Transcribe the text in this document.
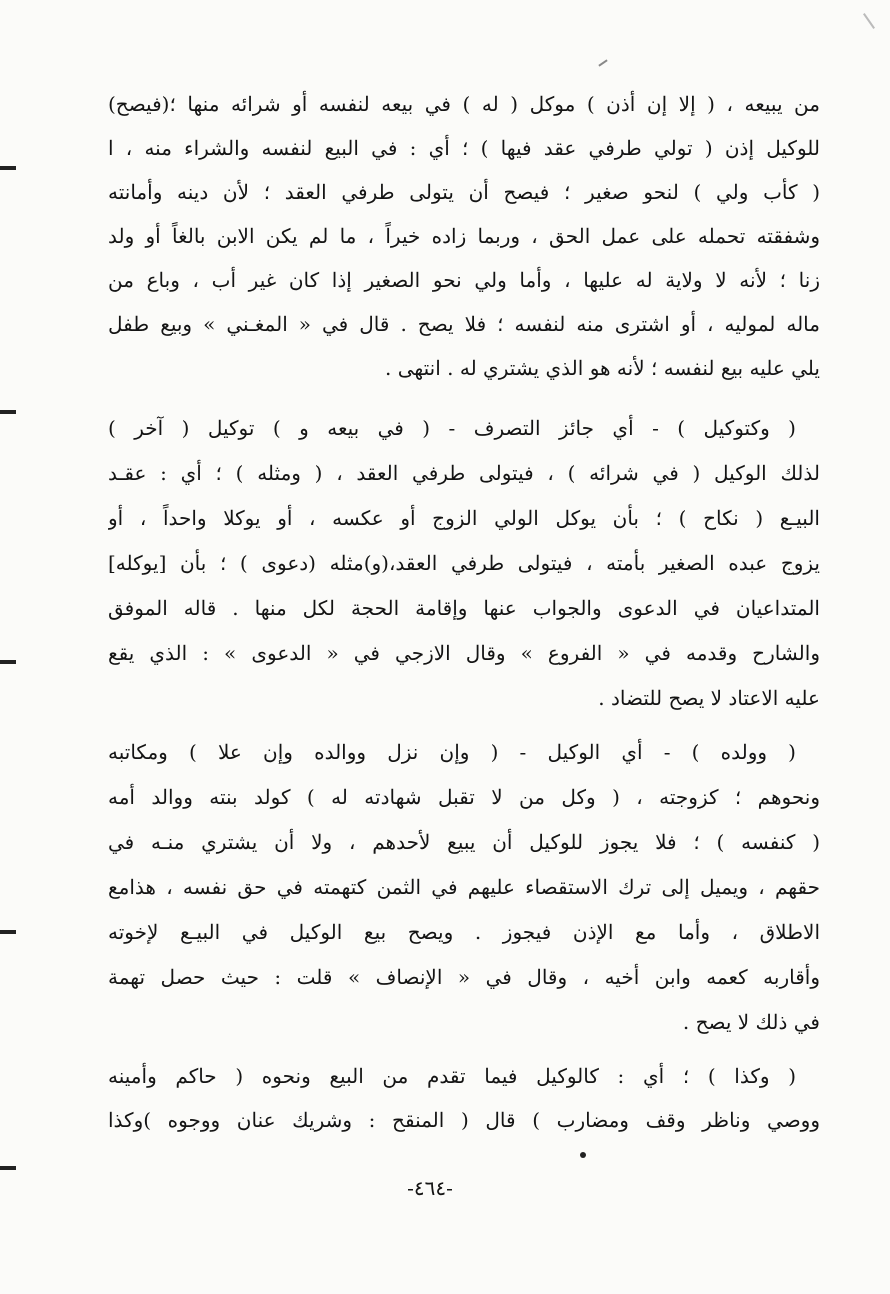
من يبيعه ، ( إلا إن أذن ) موكل ( له ) في بيعه لنفسه أو شرائه منها ؛(فيصح)
للوكيل إذن ( تولي طرفي عقد فيها ) ؛ أي : في البيع لنفسه والشراء منه ، ا
( كأب ولي ) لنحو صغير ؛ فيصح أن يتولى طرفي العقد ؛ لأن دينه وأمانته
وشفقته تحمله على عمل الحق ، وربما زاده خيراً ، ما لم يكن الابن بالغاً أو ولد
زنا ؛ لأنه لا ولاية له عليها ، وأما ولي نحو الصغير إذا كان غير أب ، وباع من
ماله لموليه ، أو اشترى منه لنفسه ؛ فلا يصح . قال في « المغـني » وبيع طفل
يلي عليه بيع لنفسه ؛ لأنه هو الذي يشتري له . انتهى .
( وكتوكيل ) - أي جائز التصرف - ( في بيعه و ) توكيل ( آخر )
لذلك الوكيل ( في شرائه ) ، فيتولى طرفي العقد ، ( ومثله ) ؛ أي : عقـد
البيـع ( نكاح ) ؛ بأن يوكل الولي الزوج أو عكسه ، أو يوكلا واحداً ، أو
يزوج عبده الصغير بأمته ، فيتولى طرفي العقد،(و)مثله (دعوى ) ؛ بأن [يوكله]
المتداعيان في الدعوى والجواب عنها وإقامة الحجة لكل منها . قاله الموفق
والشارح وقدمه في « الفروع » وقال الازجي في « الدعوى » : الذي يقع
عليه الاعتاد لا يصح للتضاد .
( وولده ) - أي الوكيل - ( وإن نزل ووالده وإن علا ) ومكاتبه
ونحوهم ؛ كزوجته ، ( وكل من لا تقبل شهادته له ) كولد بنته ووالد أمه
( كنفسه ) ؛ فلا يجوز للوكيل أن يبيع لأحدهم ، ولا أن يشتري منـه في
حقهم ، ويميل إلى ترك الاستقصاء عليهم في الثمن كتهمته في حق نفسه ، هذامع
الاطلاق ، وأما مع الإذن فيجوز . ويصح بيع الوكيل في البيـع لإخوته
وأقاربه كعمه وابن أخيه ، وقال في « الإنصاف » قلت : حيث حصل تهمة
في ذلك لا يصح .
( وكذا ) ؛ أي : كالوكيل فيما تقدم من البيع ونحوه ( حاكم وأمينه
ووصي وناظر وقف ومضارب ) قال ( المنقح : وشريك عنان ووجوه )وكذا
-٤٦٤-
